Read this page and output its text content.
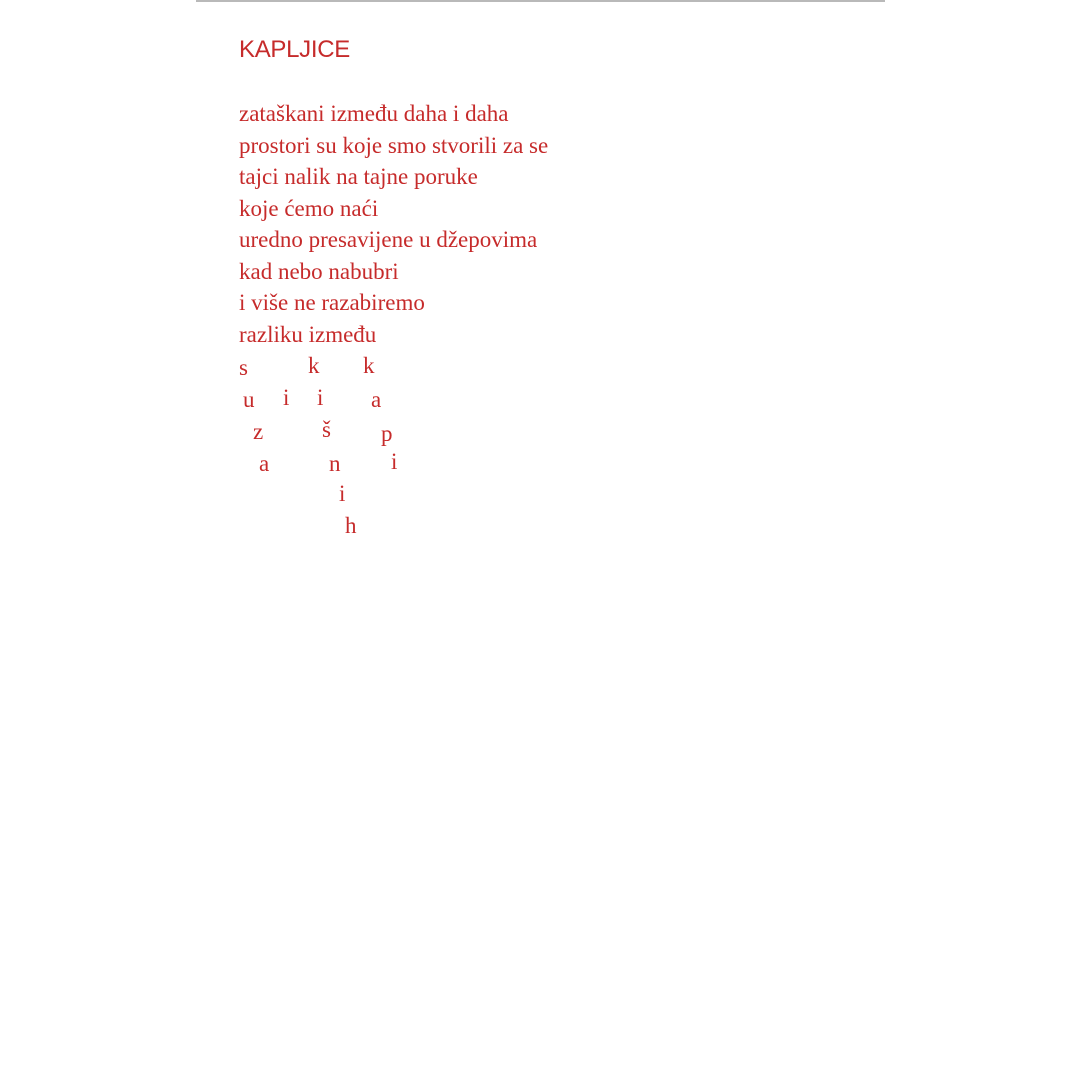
KAPLJICE
zataškani između daha i daha
prostori su koje smo stvorili za se
tajci nalik na tajne poruke
koje ćemo naći
uredno presavijene u džepovima
kad nebo nabubri
i više ne razabiremo
razliku između
s	k k
u i i a
z	š p
a	n i
i
h
